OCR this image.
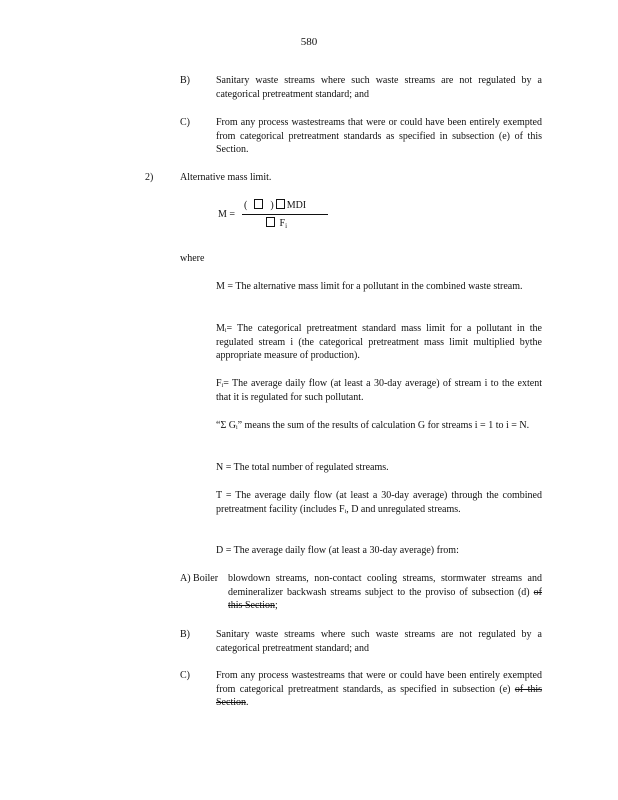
580
B)	Sanitary waste streams where such waste streams are not regulated by a categorical pretreatment standard; and
C)	From any process wastestreams that were or could have been entirely exempted from categorical pretreatment standards as specified in subsection (e) of this Section.
2)	Alternative mass limit.
M =
( ) MDI
$F_i$
where
M = The alternative mass limit for a pollutant in the combined waste stream.
Mᵢ= The categorical pretreatment standard mass limit for a pollutant in the regulated stream i (the categorical pretreatment mass limit multiplied bythe appropriate measure of production).
Fᵢ= The average daily flow (at least a 30-day average) of stream i to the extent that it is regulated for such pollutant.
“Σ Gᵢ” means the sum of the results of calculation G for streams i = 1 to i = N.
N = The total number of regulated streams.
T = The average daily flow (at least a 30-day average) through the combined pretreatment facility (includes Fᵢ, D and unregulated streams.
D = The average daily flow (at least a 30-day average) from:
A) Boiler blowdown streams, non-contact cooling streams, stormwater streams and demineralizer backwash streams subject to the proviso of subsection (d) of this Section;
B)	Sanitary waste streams where such waste streams are not regulated by a categorical pretreatment standard; and
C)	From any process wastestreams that were or could have been entirely exempted from categorical pretreatment standards, as specified in subsection (e) of this Section.
